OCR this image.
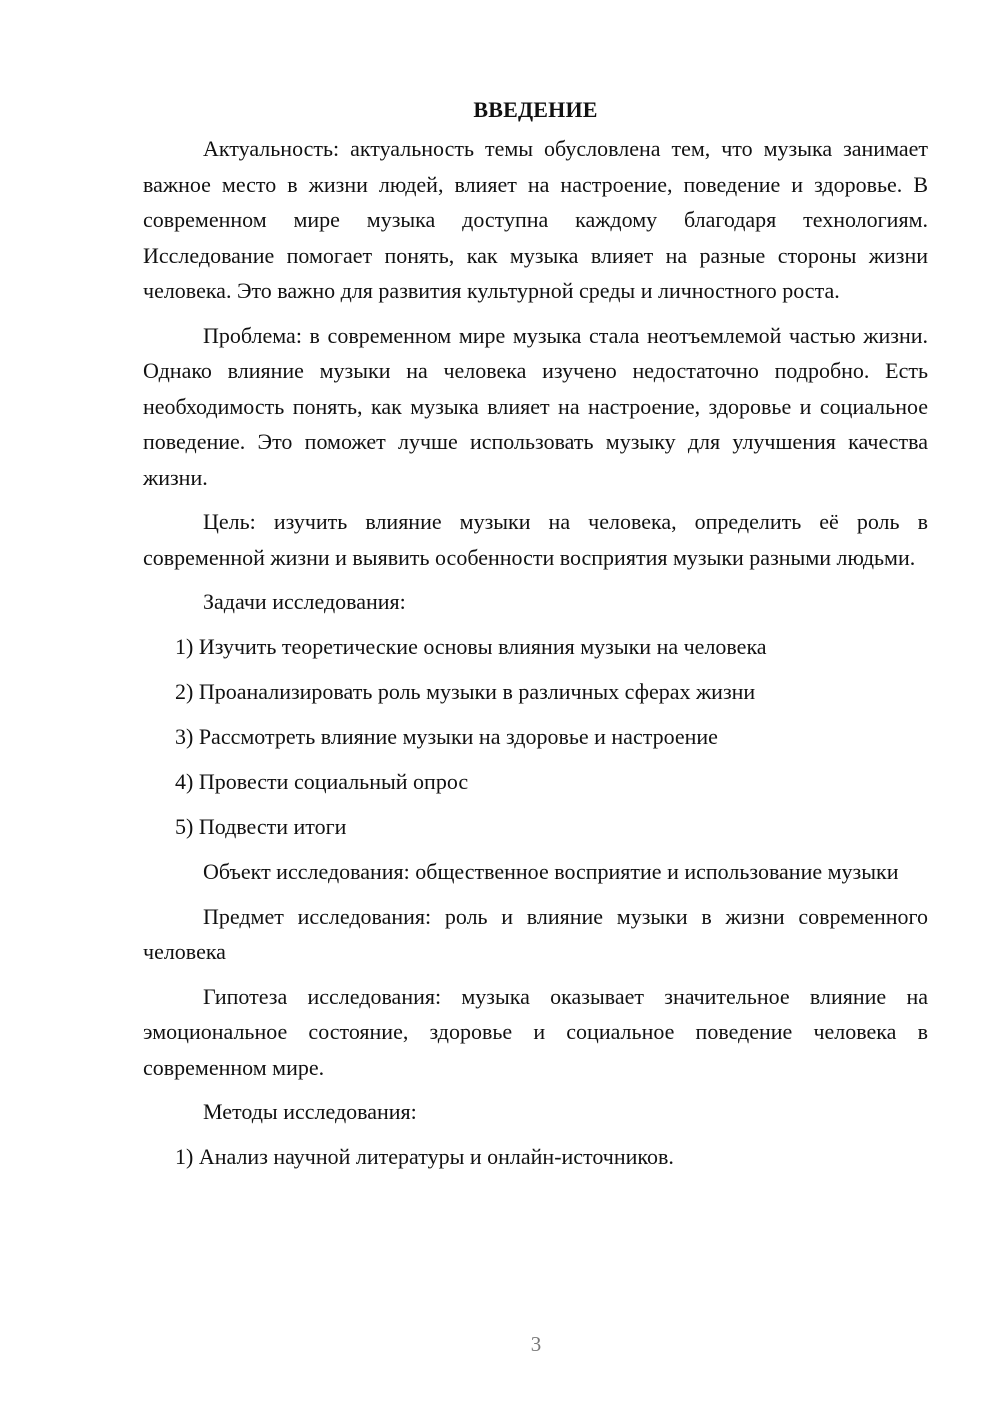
ВВЕДЕНИЕ

Актуальность: актуальность темы обусловлена тем, что музыка занимает важное место в жизни людей, влияет на настроение, поведение и здоровье. В современном мире музыка доступна каждому благодаря технологиям. Исследование помогает понять, как музыка влияет на разные стороны жизни человека. Это важно для развития культурной среды и личностного роста.

Проблема: в современном мире музыка стала неотъемлемой частью жизни. Однако влияние музыки на человека изучено недостаточно подробно. Есть необходимость понять, как музыка влияет на настроение, здоровье и социальное поведение. Это поможет лучше использовать музыку для улучшения качества жизни.

Цель: изучить влияние музыки на человека, определить её роль в современной жизни и выявить особенности восприятия музыки разными людьми.

Задачи исследования:

1) Изучить теоретические основы влияния музыки на человека

2) Проанализировать роль музыки в различных сферах жизни

3) Рассмотреть влияние музыки на здоровье и настроение

4) Провести социальный опрос

5) Подвести итоги

Объект исследования: общественное восприятие и использование музыки

Предмет исследования: роль и влияние музыки в жизни современного человека

Гипотеза исследования: музыка оказывает значительное влияние на эмоциональное состояние, здоровье и социальное поведение человека в современном мире.

Методы исследования:

1) Анализ научной литературы и онлайн-источников.

3
